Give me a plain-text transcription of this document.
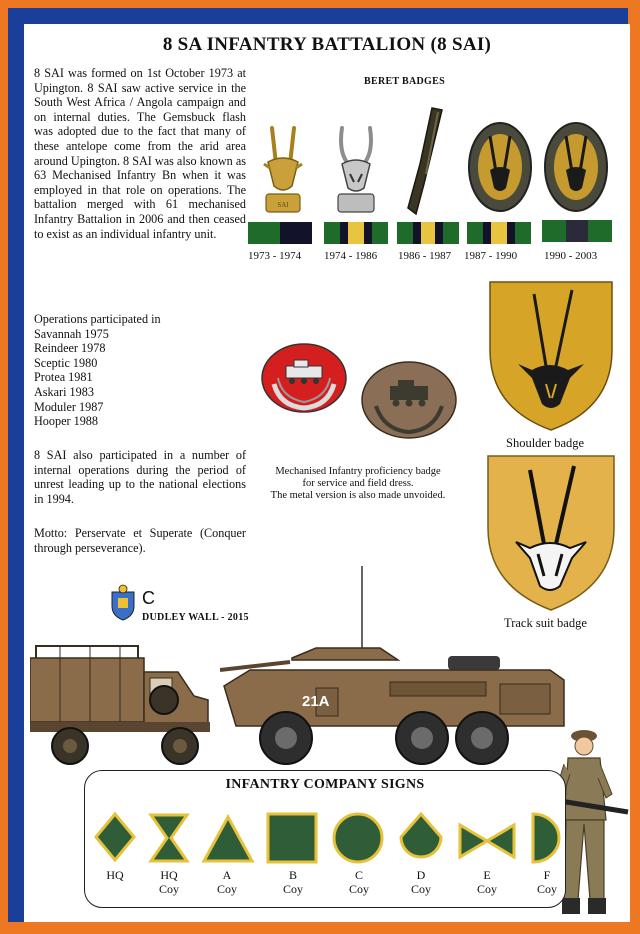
8 SA INFANTRY BATTALION (8 SAI)
8 SAI was formed on 1st October 1973 at Upington. 8 SAI saw active service in the South West Africa / Angola campaign and on internal duties. The Gemsbuck flash was adopted due to the fact that many of these antelope come from the arid area around Upington. 8 SAI was also known as 63 Mechanised Infantry Bn when it was employed in that role on operations. The battalion merged with 61 mechanised Infantry Battalion in 2006 and then ceased to exist as an individual infantry unit.
Operations participated in
Savannah 1975
Reindeer 1978
Sceptic 1980
Protea 1981
Askari 1983
Moduler 1987
Hooper 1988
8 SAI also participated in a number of internal operations during the period of unrest leading up to the national elections in 1994.
Motto: Perservate et Superate (Conquer through perseverance).
BERET BADGES
SAI
1973 - 1974 1974 - 1986 1986 - 1987 1987 - 1990 1990 - 2003
Mechanised Infantry proficiency badge
for service and field dress.
The metal version is also made unvoided.
Shoulder badge
Track suit badge
C
DUDLEY WALL - 2015
21A
INFANTRY COMPANY SIGNS
HQ	HQ
Coy
A
Coy
B
Coy
C
Coy
D
Coy
E
Coy
F
Coy
